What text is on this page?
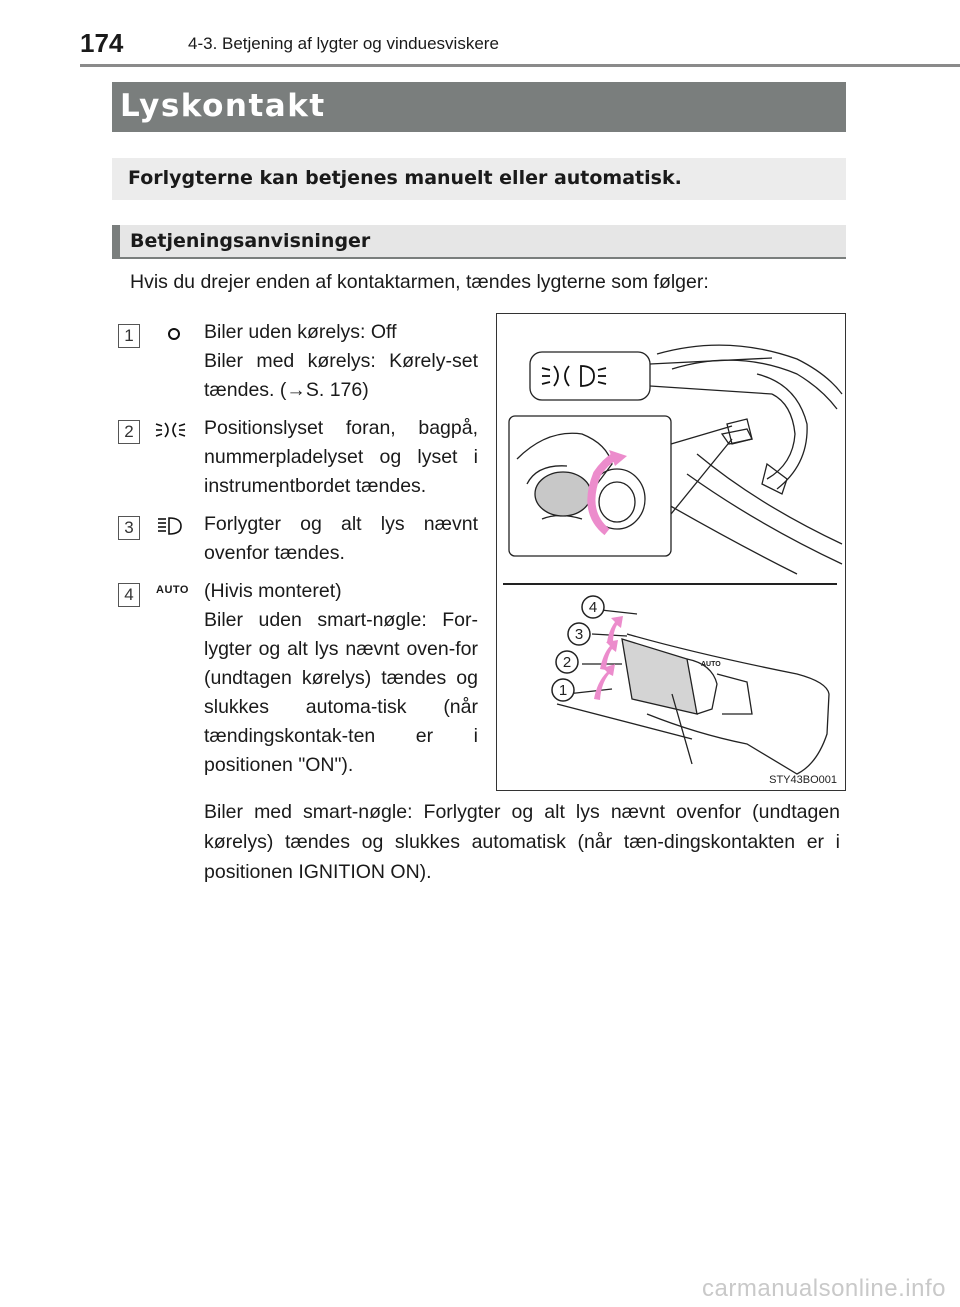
174	4-3. Betjening af lygter og vinduesviskere
Lyskontakt
Forlygterne kan betjenes manuelt eller automatisk.
Betjeningsanvisninger
Hvis du drejer enden af kontaktarmen, tændes lygterne som følger:
1	Biler uden kørelys: Off

Biler med kørelys: Kørely-set tændes. (→S. 176)

2	Positionslyset foran, bagpå, nummerpladelyset og lyset i instrumentbordet tændes.

3	Forlygter og alt lys nævnt ovenfor tændes.

4	AUTO (Hivis monteret)

Biler uden smart-nøgle: For-lygter og alt lys nævnt oven-for (undtagen kørelys) tændes og slukkes automa-tisk (når tændingskontak-ten er i positionen "ON").

4
3
2
1
AUTO
STY43BO001

Biler med smart-nøgle: Forlygter og alt lys nævnt ovenfor (undtagen kørelys) tændes og slukkes automatisk (når tæn-dingskontakten er i positionen IGNITION ON).

carmanualsonline.info
